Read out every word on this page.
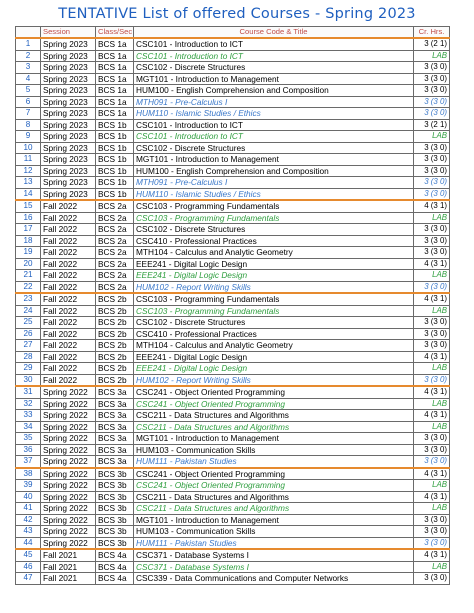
TENTATIVE List of offered Courses - Spring 2023
	Session	Class/Sec	Course Code & Title	Cr. Hrs.
1	Spring 2023	BCS 1a	CSC101 - Introduction to ICT	3 (2 1)
2	Spring 2023	BCS 1a	CSC101 - Introduction to ICT	LAB
3	Spring 2023	BCS 1a	CSC102 - Discrete Structures	3 (3 0)
4	Spring 2023	BCS 1a	MGT101 - Introduction to Management	3 (3 0)
5	Spring 2023	BCS 1a	HUM100 - English Comprehension and Composition	3 (3 0)
6	Spring 2023	BCS 1a	MTH091 - Pre-Calculus I	3 (3 0)
7	Spring 2023	BCS 1a	HUM110 - Islamic Studies / Ethics	3 (3 0)
8	Spring 2023	BCS 1b	CSC101 - Introduction to ICT	3 (2 1)
9	Spring 2023	BCS 1b	CSC101 - Introduction to ICT	LAB
10	Spring 2023	BCS 1b	CSC102 - Discrete Structures	3 (3 0)
11	Spring 2023	BCS 1b	MGT101 - Introduction to Management	3 (3 0)
12	Spring 2023	BCS 1b	HUM100 - English Comprehension and Composition	3 (3 0)
13	Spring 2023	BCS 1b	MTH091 - Pre-Calculus I	3 (3 0)
14	Spring 2023	BCS 1b	HUM110 - Islamic Studies / Ethics	3 (3 0)
15	Fall 2022	BCS 2a	CSC103 - Programming Fundamentals	4 (3 1)
16	Fall 2022	BCS 2a	CSC103 - Programming Fundamentals	LAB
17	Fall 2022	BCS 2a	CSC102 - Discrete Structures	3 (3 0)
18	Fall 2022	BCS 2a	CSC410 - Professional Practices	3 (3 0)
19	Fall 2022	BCS 2a	MTH104 - Calculus and Analytic Geometry	3 (3 0)
20	Fall 2022	BCS 2a	EEE241 - Digital Logic Design	4 (3 1)
21	Fall 2022	BCS 2a	EEE241 - Digital Logic Design	LAB
22	Fall 2022	BCS 2a	HUM102 - Report Writing Skills	3 (3 0)
23	Fall 2022	BCS 2b	CSC103 - Programming Fundamentals	4 (3 1)
24	Fall 2022	BCS 2b	CSC103 - Programming Fundamentals	LAB
25	Fall 2022	BCS 2b	CSC102 - Discrete Structures	3 (3 0)
26	Fall 2022	BCS 2b	CSC410 - Professional Practices	3 (3 0)
27	Fall 2022	BCS 2b	MTH104 - Calculus and Analytic Geometry	3 (3 0)
28	Fall 2022	BCS 2b	EEE241 - Digital Logic Design	4 (3 1)
29	Fall 2022	BCS 2b	EEE241 - Digital Logic Design	LAB
30	Fall 2022	BCS 2b	HUM102 - Report Writing Skills	3 (3 0)
31	Spring 2022	BCS 3a	CSC241 - Object Oriented Programming	4 (3 1)
32	Spring 2022	BCS 3a	CSC241 - Object Oriented Programming	LAB
33	Spring 2022	BCS 3a	CSC211 - Data Structures and Algorithms	4 (3 1)
34	Spring 2022	BCS 3a	CSC211 - Data Structures and Algorithms	LAB
35	Spring 2022	BCS 3a	MGT101 - Introduction to Management	3 (3 0)
36	Spring 2022	BCS 3a	HUM103 - Communication Skills	3 (3 0)
37	Spring 2022	BCS 3a	HUM111 - Pakistan Studies	3 (3 0)
38	Spring 2022	BCS 3b	CSC241 - Object Oriented Programming	4 (3 1)
39	Spring 2022	BCS 3b	CSC241 - Object Oriented Programming	LAB
40	Spring 2022	BCS 3b	CSC211 - Data Structures and Algorithms	4 (3 1)
41	Spring 2022	BCS 3b	CSC211 - Data Structures and Algorithms	LAB
42	Spring 2022	BCS 3b	MGT101 - Introduction to Management	3 (3 0)
43	Spring 2022	BCS 3b	HUM103 - Communication Skills	3 (3 0)
44	Spring 2022	BCS 3b	HUM111 - Pakistan Studies	3 (3 0)
45	Fall 2021	BCS 4a	CSC371 - Database Systems I	4 (3 1)
46	Fall 2021	BCS 4a	CSC371 - Database Systems I	LAB
47	Fall 2021	BCS 4a	CSC339 - Data Communications and Computer Networks	3 (3 0)
